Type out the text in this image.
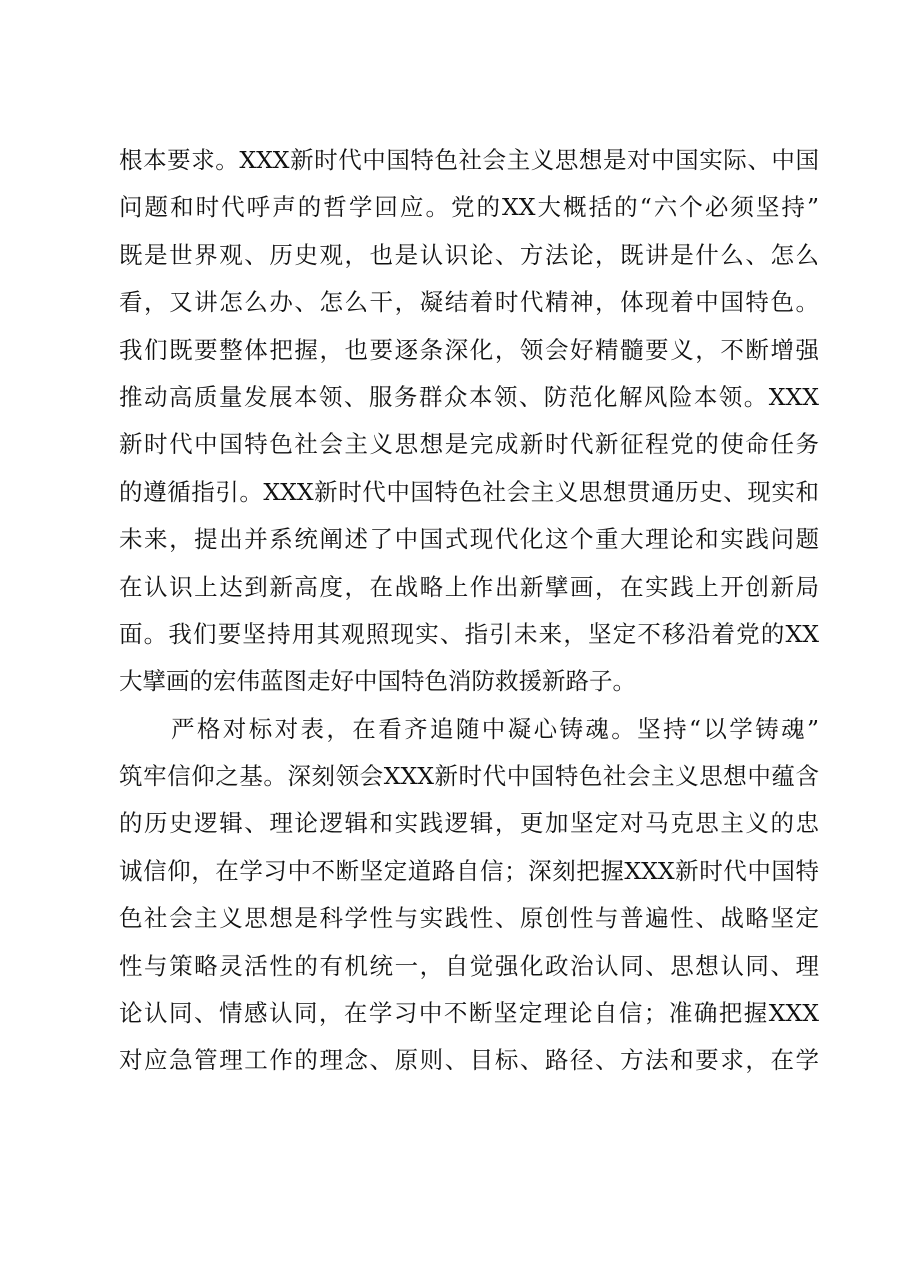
根本要求。XXX新时代中国特色社会主义思想是对中国实际、中国
问题和时代呼声的哲学回应。党的XX大概括的“六个必须坚持”
既是世界观、历史观，也是认识论、方法论，既讲是什么、怎么
看，又讲怎么办、怎么干，凝结着时代精神，体现着中国特色。
我们既要整体把握，也要逐条深化，领会好精髓要义，不断增强
推动高质量发展本领、服务群众本领、防范化解风险本领。XXX
新时代中国特色社会主义思想是完成新时代新征程党的使命任务
的遵循指引。XXX新时代中国特色社会主义思想贯通历史、现实和
未来，提出并系统阐述了中国式现代化这个重大理论和实践问题
在认识上达到新高度，在战略上作出新擘画，在实践上开创新局
面。我们要坚持用其观照现实、指引未来，坚定不移沿着党的XX
大擘画的宏伟蓝图走好中国特色消防救援新路子。
严格对标对表，在看齐追随中凝心铸魂。坚持“以学铸魂”
筑牢信仰之基。深刻领会XXX新时代中国特色社会主义思想中蕴含
的历史逻辑、理论逻辑和实践逻辑，更加坚定对马克思主义的忠
诚信仰，在学习中不断坚定道路自信；深刻把握XXX新时代中国特
色社会主义思想是科学性与实践性、原创性与普遍性、战略坚定
性与策略灵活性的有机统一，自觉强化政治认同、思想认同、理
论认同、情感认同，在学习中不断坚定理论自信；准确把握XXX
对应急管理工作的理念、原则、目标、路径、方法和要求，在学
